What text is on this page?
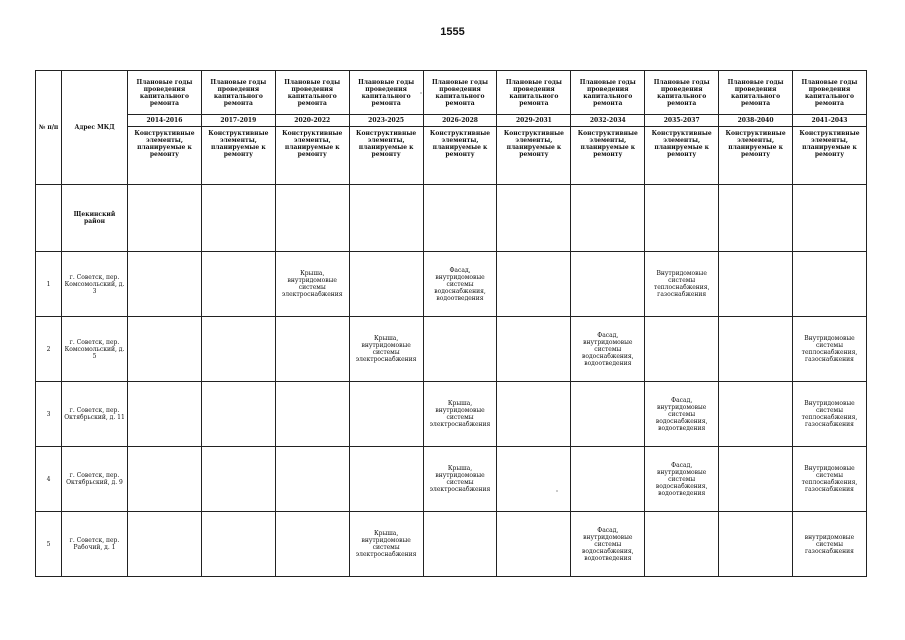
1555
№ п/п	Адрес МКД	Плановые годы проведения капитального ремонта	Плановые годы проведения капитального ремонта	Плановые годы проведения капитального ремонта	Плановые годы проведения капитального ремонта	Плановые годы проведения капитального ремонта	Плановые годы проведения капитального ремонта	Плановые годы проведения капитального ремонта	Плановые годы проведения капитального ремонта	Плановые годы проведения капитального ремонта	Плановые годы проведения капитального ремонта
		2014-2016	2017-2019	2020-2022	2023-2025	2026-2028	2029-2031	2032-2034	2035-2037	2038-2040	2041-2043
		Конструктивные элементы, планируемые к ремонту	Конструктивные элементы, планируемые к ремонту	Конструктивные элементы, планируемые к ремонту	Конструктивные элементы, планируемые к ремонту	Конструктивные элементы, планируемые к ремонту	Конструктивные элементы, планируемые к ремонту	Конструктивные элементы, планируемые к ремонту	Конструктивные элементы, планируемые к ремонту	Конструктивные элементы, планируемые к ремонту	Конструктивные элементы, планируемые к ремонту
	Щекинский район										
1	г. Советск, пер. Комсомольский, д. 3			Крыша, внутридомовые системы электроснабжения		Фасад, внутридомовые системы водоснабжения, водоотведения			Внутридомовые системы теплоснабжения, газоснабжения		
2	г. Советск, пер. Комсомольский, д. 5				Крыша, внутридомовые системы электроснабжения			Фасад, внутридомовые системы водоснабжения, водоотведения			Внутридомовые системы теплоснабжения, газоснабжения
3	г. Советск, пер. Октябрьский, д. 11					Крыша, внутридомовые системы электроснабжения			Фасад, внутридомовые системы водоснабжения, водоотведения		Внутридомовые системы теплоснабжения, газоснабжения
4	г. Советск, пер. Октябрьский, д. 9					Крыша, внутридомовые системы электроснабжения			Фасад, внутридомовые системы водоснабжения, водоотведения		Внутридомовые системы теплоснабжения, газоснабжения
5	г. Советск, пер. Рабочий, д. 1				Крыша, внутридомовые системы электроснабжения			Фасад, внутридомовые системы водоснабжения, водоотведения			внутридомовые системы газоснабжения
